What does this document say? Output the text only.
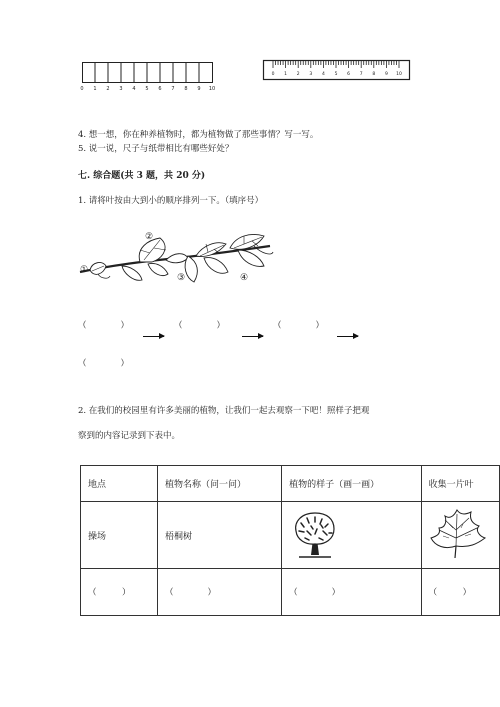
0 1 2 3 4 5 6 7 8 9 10
0 1 2 3 4 5 6 7 8 9 10
4. 想一想，你在种养植物时，都为植物做了那些事情？写一写。
5. 说一说，尺子与纸带相比有哪些好处？
七. 综合题(共 3 题，共 20 分)
1. 请将叶按由大到小的顺序排列一下。（填序号）
①
②
③	④
（　　　　）	（　　　　）	（　　　　）
（　　　　）
2. 在我们的校园里有许多美丽的植物，让我们一起去观察一下吧！照样子把观
察到的内容记录到下表中。
地点	植物名称（问一问）	植物的样子（画一画）	收集一片叶
操场	梧桐树	

（　　　）	（　　　　）	（　　　　）	（　　　）
